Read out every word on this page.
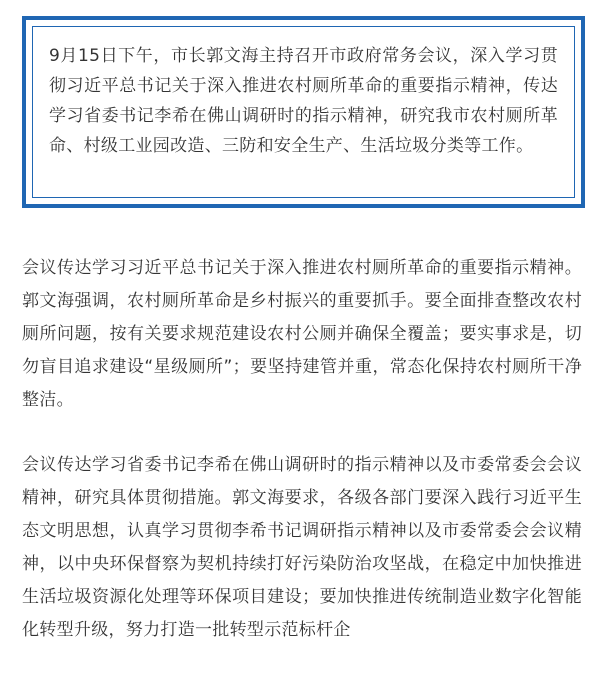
9月15日下午，市长郭文海主持召开市政府常务会议，深入学习贯彻习近平总书记关于深入推进农村厕所革命的重要指示精神，传达学习省委书记李希在佛山调研时的指示精神，研究我市农村厕所革命、村级工业园改造、三防和安全生产、生活垃圾分类等工作。

会议传达学习习近平总书记关于深入推进农村厕所革命的重要指示精神。郭文海强调，农村厕所革命是乡村振兴的重要抓手。要全面排查整改农村厕所问题，按有关要求规范建设农村公厕并确保全覆盖；要实事求是，切勿盲目追求建设“星级厕所”；要坚持建管并重，常态化保持农村厕所干净整洁。

会议传达学习省委书记李希在佛山调研时的指示精神以及市委常委会会议精神，研究具体贯彻措施。郭文海要求，各级各部门要深入践行习近平生态文明思想，认真学习贯彻李希书记调研指示精神以及市委常委会会议精神，以中央环保督察为契机持续打好污染防治攻坚战，在稳定中加快推进生活垃圾资源化处理等环保项目建设；要加快推进传统制造业数字化智能化转型升级，努力打造一批转型示范标杆企
